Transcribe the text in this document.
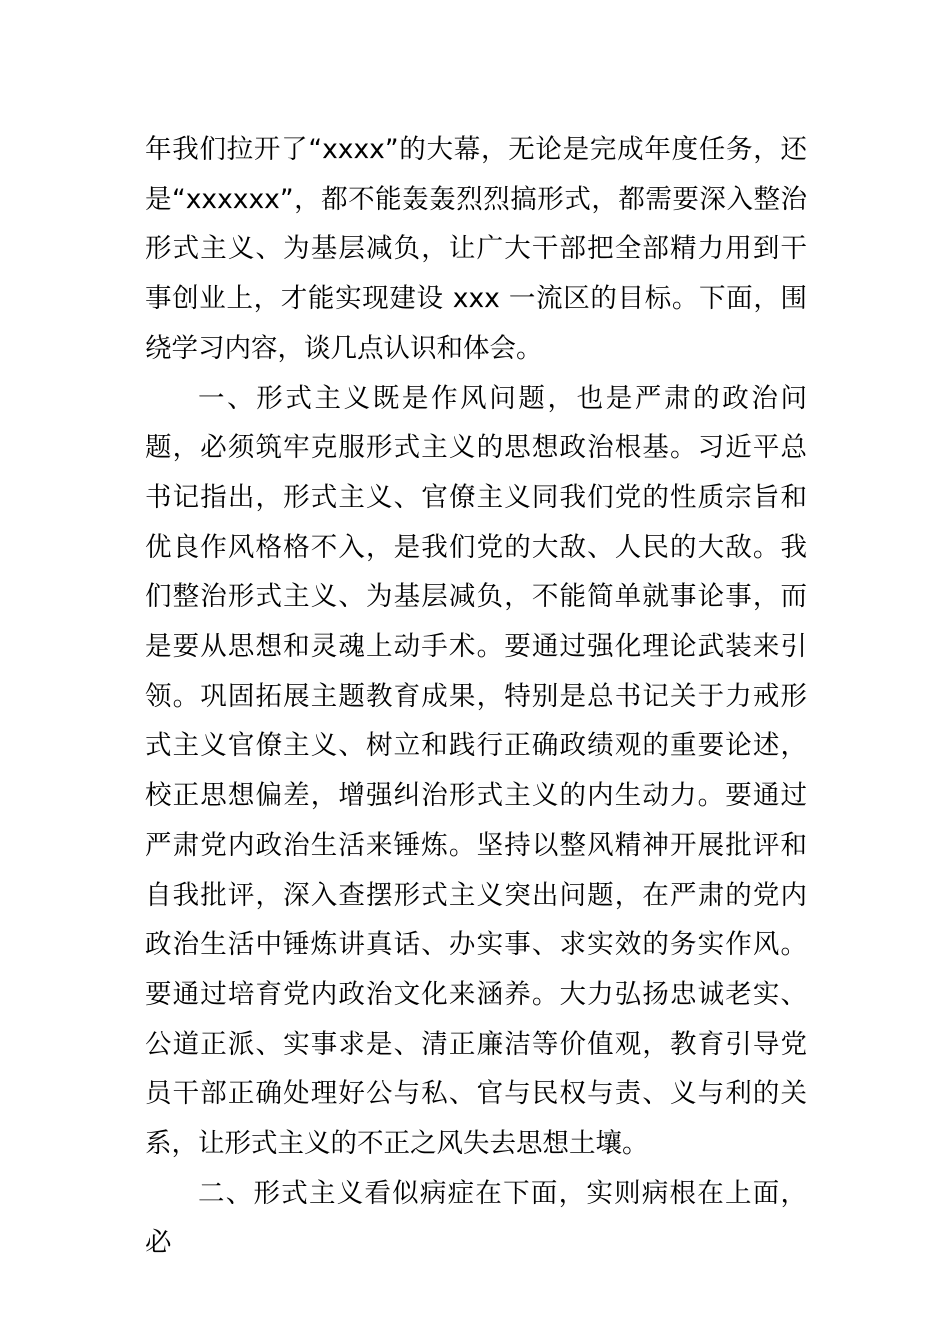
年我们拉开了“xxxx”的大幕，无论是完成年度任务，还是“xxxxxx”，都不能轰轰烈烈搞形式，都需要深入整治形式主义、为基层减负，让广大干部把全部精力用到干事创业上，才能实现建设 xxx 一流区的目标。下面，围绕学习内容，谈几点认识和体会。

一、形式主义既是作风问题，也是严肃的政治问题，必须筑牢克服形式主义的思想政治根基。习近平总书记指出，形式主义、官僚主义同我们党的性质宗旨和优良作风格格不入，是我们党的大敌、人民的大敌。我们整治形式主义、为基层减负，不能简单就事论事，而是要从思想和灵魂上动手术。要通过强化理论武装来引领。巩固拓展主题教育成果，特别是总书记关于力戒形式主义官僚主义、树立和践行正确政绩观的重要论述，校正思想偏差，增强纠治形式主义的内生动力。要通过严肃党内政治生活来锤炼。坚持以整风精神开展批评和自我批评，深入查摆形式主义突出问题，在严肃的党内政治生活中锤炼讲真话、办实事、求实效的务实作风。要通过培育党内政治文化来涵养。大力弘扬忠诚老实、公道正派、实事求是、清正廉洁等价值观，教育引导党员干部正确处理好公与私、官与民权与责、义与利的关系，让形式主义的不正之风失去思想土壤。

二、形式主义看似病症在下面，实则病根在上面，必
